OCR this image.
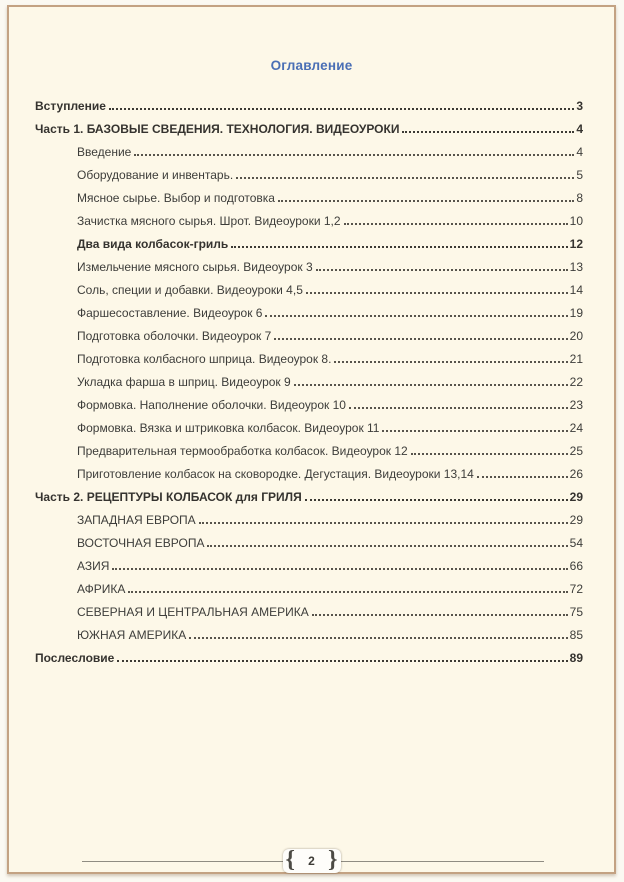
Оглавление
Вступление	3
Часть 1. БАЗОВЫЕ СВЕДЕНИЯ. ТЕХНОЛОГИЯ. ВИДЕОУРОКИ	4
Введение	4
Оборудование и инвентарь.	5
Мясное сырье. Выбор и подготовка	8
Зачистка мясного сырья. Шрот. Видеоуроки 1,2	10
Два вида колбасок-гриль	12
Измельчение мясного сырья. Видеоурок 3	13
Соль, специи и добавки. Видеоуроки 4,5	14
Фаршесоставление. Видеоурок 6	19
Подготовка оболочки. Видеоурок 7	20
Подготовка колбасного шприца. Видеоурок 8.	21
Укладка фарша в шприц. Видеоурок 9	22
Формовка. Наполнение оболочки. Видеоурок 10	23
Формовка. Вязка и штриковка колбасок. Видеоурок 11	24
Предварительная термообработка колбасок. Видеоурок 12	25
Приготовление колбасок на сковородке. Дегустация. Видеоуроки 13,14	26
Часть 2. РЕЦЕПТУРЫ КОЛБАСОК для ГРИЛЯ	29
ЗАПАДНАЯ ЕВРОПА	29
ВОСТОЧНАЯ ЕВРОПА	54
АЗИЯ	66
АФРИКА	72
СЕВЕРНАЯ И ЦЕНТРАЛЬНАЯ АМЕРИКА	75
ЮЖНАЯ АМЕРИКА	85
Послесловие	89
{ 2 }
